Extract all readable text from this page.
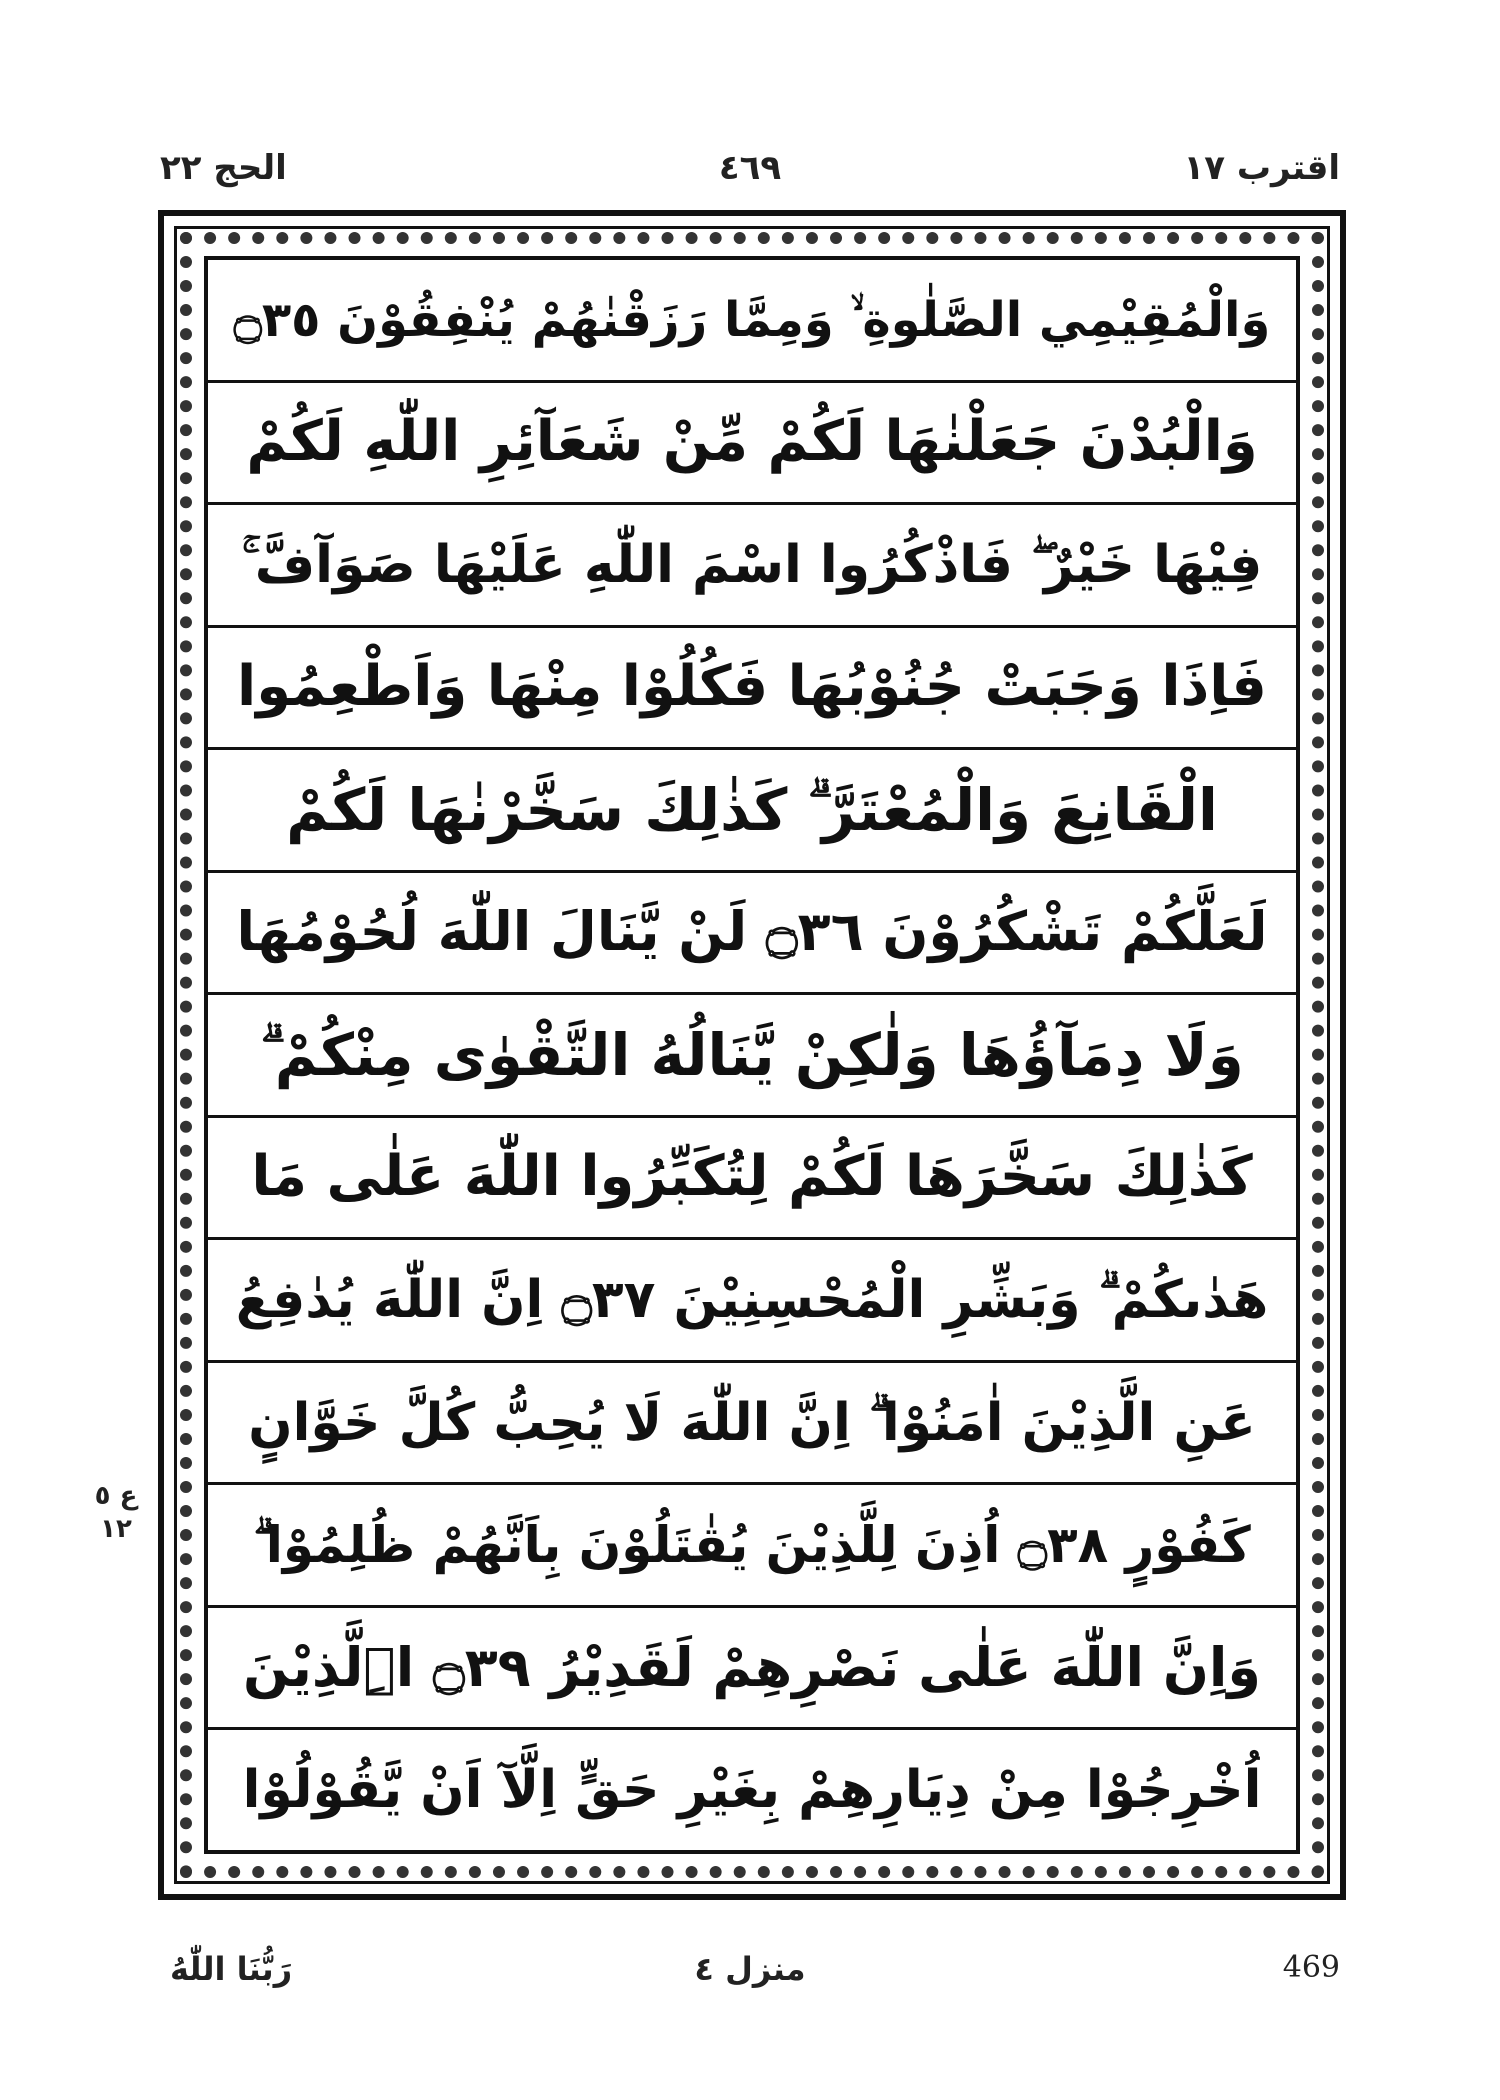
الحج ٢٢	٤٦٩	اقترب ١٧
وَالْمُقِيْمِي الصَّلٰوةِ ۙ وَمِمَّا رَزَقْنٰهُمْ يُنْفِقُوْنَ ۝٣٥
وَالْبُدْنَ جَعَلْنٰهَا لَكُمْ مِّنْ شَعَآئِرِ اللّٰهِ لَكُمْ
فِيْهَا خَيْرٌ ۖ فَاذْكُرُوا اسْمَ اللّٰهِ عَلَيْهَا صَوَآفَّ ۚ
فَاِذَا وَجَبَتْ جُنُوْبُهَا فَكُلُوْا مِنْهَا وَاَطْعِمُوا
الْقَانِعَ وَالْمُعْتَرَّ ۗ كَذٰلِكَ سَخَّرْنٰهَا لَكُمْ
لَعَلَّكُمْ تَشْكُرُوْنَ ۝٣٦ لَنْ يَّنَالَ اللّٰهَ لُحُوْمُهَا
وَلَا دِمَآؤُهَا وَلٰكِنْ يَّنَالُهُ التَّقْوٰى مِنْكُمْ ۗ
كَذٰلِكَ سَخَّرَهَا لَكُمْ لِتُكَبِّرُوا اللّٰهَ عَلٰى مَا
هَدٰىكُمْ ۗ وَبَشِّرِ الْمُحْسِنِيْنَ ۝٣٧ اِنَّ اللّٰهَ يُدٰفِعُ
عَنِ الَّذِيْنَ اٰمَنُوْا ۗ اِنَّ اللّٰهَ لَا يُحِبُّ كُلَّ خَوَّانٍ
كَفُوْرٍ ۝٣٨ اُذِنَ لِلَّذِيْنَ يُقٰتَلُوْنَ بِاَنَّهُمْ ظُلِمُوْا ۗ
وَاِنَّ اللّٰهَ عَلٰى نَصْرِهِمْ لَقَدِيْرُ ۝٣٩ اِۨلَّذِيْنَ
اُخْرِجُوْا مِنْ دِيَارِهِمْ بِغَيْرِ حَقٍّ اِلَّآ اَنْ يَّقُوْلُوْا
ع ٥ ١٢
رَبُّنَا اللّٰهُ	منزل ٤	469
